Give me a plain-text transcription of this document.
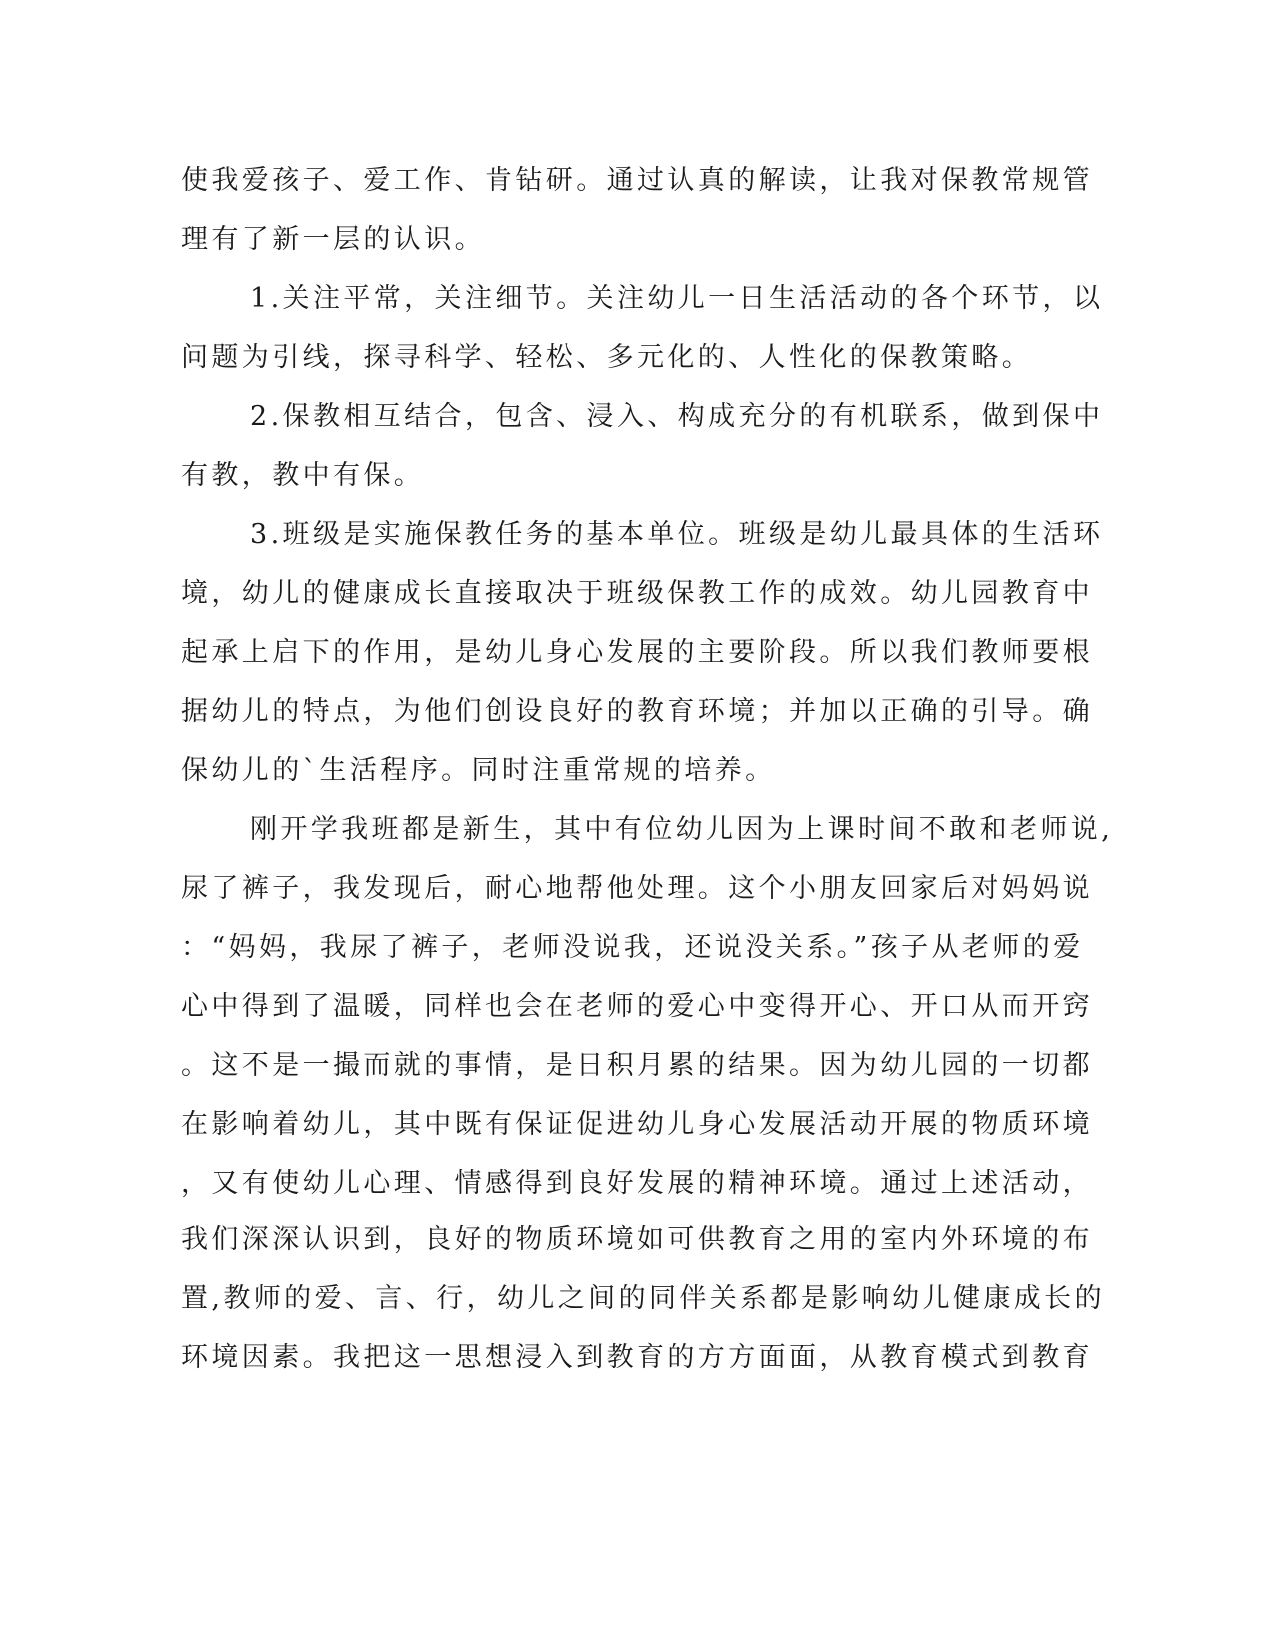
使我爱孩子、爱工作、肯钻研。通过认真的解读，让我对保教常规管
理有了新一层的认识。
1.关注平常，关注细节。关注幼儿一日生活活动的各个环节，以
问题为引线，探寻科学、轻松、多元化的、人性化的保教策略。
2.保教相互结合，包含、浸入、构成充分的有机联系，做到保中
有教，教中有保。
3.班级是实施保教任务的基本单位。班级是幼儿最具体的生活环
境，幼儿的健康成长直接取决于班级保教工作的成效。幼儿园教育中
起承上启下的作用，是幼儿身心发展的主要阶段。所以我们教师要根
据幼儿的特点，为他们创设良好的教育环境；并加以正确的引导。确
保幼儿的`生活程序。同时注重常规的培养。
刚开学我班都是新生，其中有位幼儿因为上课时间不敢和老师说,
尿了裤子，我发现后，耐心地帮他处理。这个小朋友回家后对妈妈说
：“妈妈，我尿了裤子，老师没说我，还说没关系。”孩子从老师的爱
心中得到了温暖，同样也会在老师的爱心中变得开心、开口从而开窍
。这不是一撮而就的事情，是日积月累的结果。因为幼儿园的一切都
在影响着幼儿，其中既有保证促进幼儿身心发展活动开展的物质环境
，又有使幼儿心理、情感得到良好发展的精神环境。通过上述活动，
我们深深认识到，良好的物质环境如可供教育之用的室内外环境的布
置,教师的爱、言、行，幼儿之间的同伴关系都是影响幼儿健康成长的
环境因素。我把这一思想浸入到教育的方方面面，从教育模式到教育
